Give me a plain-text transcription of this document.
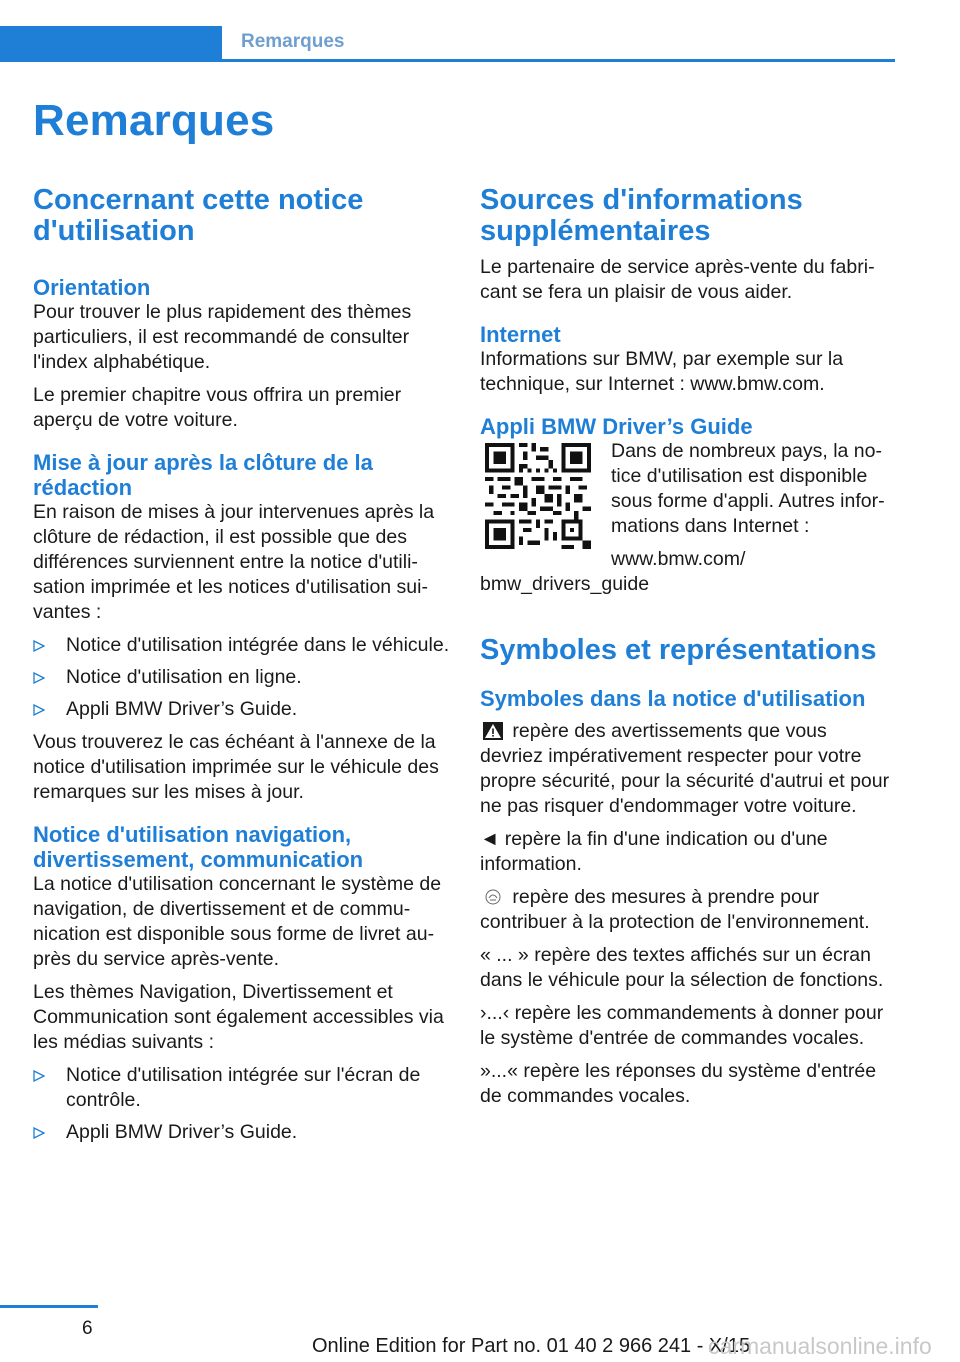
Remarques
Remarques
Concernant cette notice d'utilisation
Orientation

Pour trouver le plus rapidement des thèmes particuliers, il est recommandé de consulter l'index alphabétique.

Le premier chapitre vous offrira un premier aperçu de votre voiture.

Mise à jour après la clôture de la rédaction

En raison de mises à jour intervenues après la clôture de rédaction, il est possible que des différences surviennent entre la notice d'utilisation imprimée et les notices d'utilisation suivantes :

Notice d'utilisation intégrée dans le véhicule.
Notice d'utilisation en ligne.
Appli BMW Driver’s Guide.

Vous trouverez le cas échéant à l'annexe de la notice d'utilisation imprimée sur le véhicule des remarques sur les mises à jour.

Notice d'utilisation navigation, divertissement, communication

La notice d'utilisation concernant le système de navigation, de divertissement et de communication est disponible sous forme de livret auprès du service après-vente.

Les thèmes Navigation, Divertissement et Communication sont également accessibles via les médias suivants :

Notice d'utilisation intégrée sur l'écran de contrôle.
Appli BMW Driver’s Guide.
Sources d'informations supplémentaires

Le partenaire de service après-vente du fabricant se fera un plaisir de vous aider.

Internet

Informations sur BMW, par exemple sur la technique, sur Internet : www.bmw.com.

Appli BMW Driver’s Guide

Dans de nombreux pays, la notice d'utilisation est disponible sous forme d'appli. Autres informations dans Internet :

www.bmw.com/ bmw_drivers_guide

Symboles et représentations
Symboles dans la notice d'utilisation

repère des avertissements que vous devriez impérativement respecter pour votre propre sécurité, pour la sécurité d'autrui et pour ne pas risquer d'endommager votre voiture.

◄ repère la fin d'une indication ou d'une information.

repère des mesures à prendre pour contribuer à la protection de l'environnement.

« ... » repère des textes affichés sur un écran dans le véhicule pour la sélection de fonctions.

›...‹ repère les commandements à donner pour le système d'entrée de commandes vocales.

»...« repère les réponses du système d'entrée de commandes vocales.

6
Online Edition for Part no. 01 40 2 966 241 - X/15
carmanualsonline.info
